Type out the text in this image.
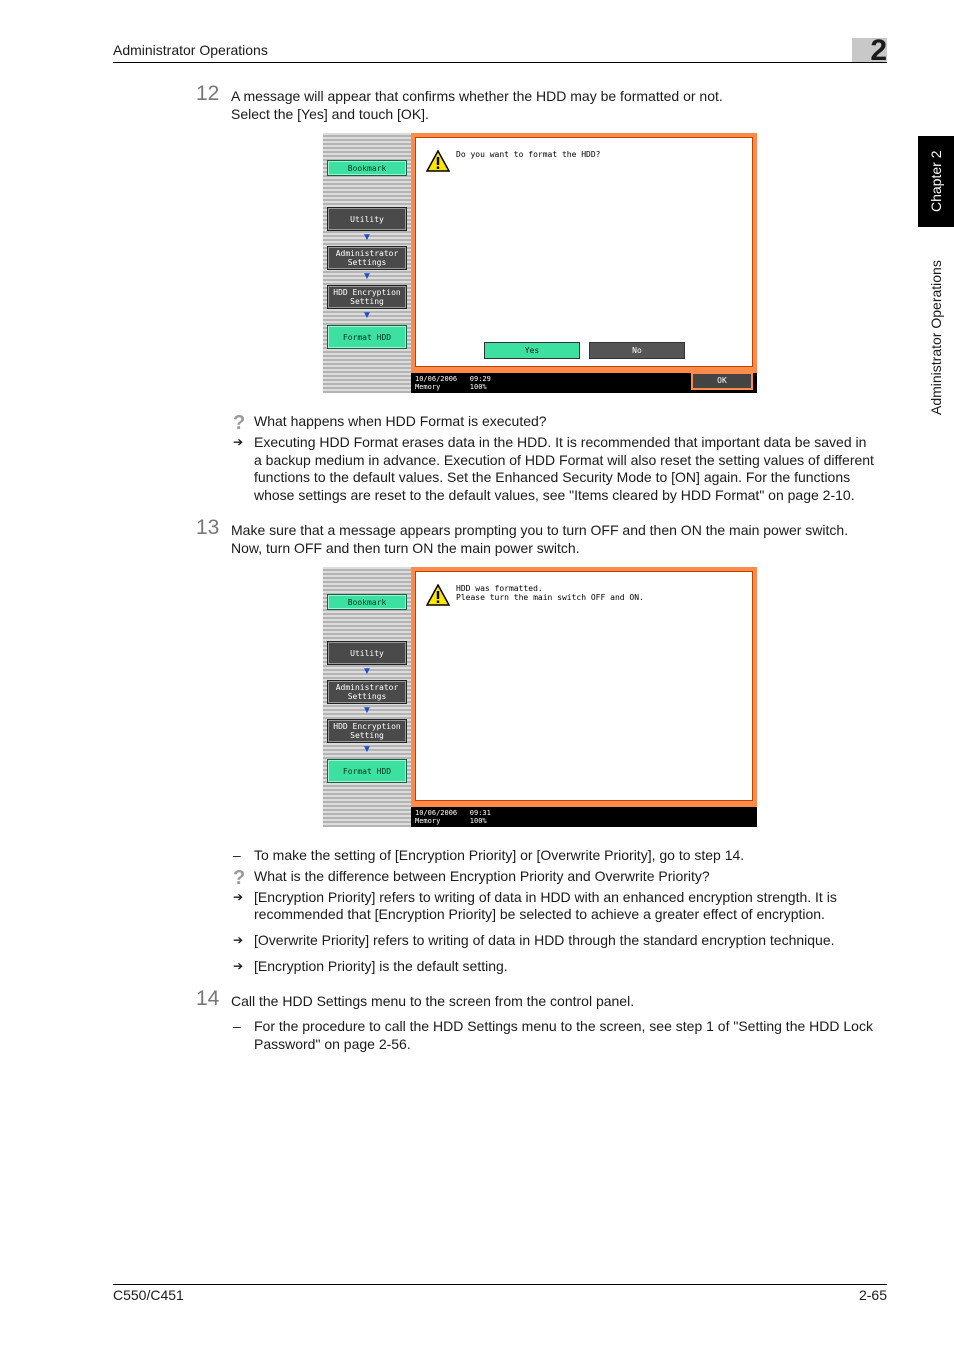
Administrator Operations	2
Chapter 2
Administrator Operations
12 A message will appear that confirms whether the HDD may be formatted or not.
Select the [Yes] and touch [OK].
Bookmark
Utility
▼
Administrator
Settings
▼
HDD Encryption
Setting
▼
Format HDD
Do you want to format the HDD?
Yes	No
10/06/2006   09:29
Memory       100%
OK
? What happens when HDD Format is executed?
➔ Executing HDD Format erases data in the HDD. It is recommended that important data be saved in
a backup medium in advance. Execution of HDD Format will also reset the setting values of different
functions to the default values. Set the Enhanced Security Mode to [ON] again. For the functions
whose settings are reset to the default values, see "Items cleared by HDD Format" on page 2-10.
13 Make sure that a message appears prompting you to turn OFF and then ON the main power switch.
Now, turn OFF and then turn ON the main power switch.
Bookmark
Utility
▼
Administrator
Settings
▼
HDD Encryption
Setting
▼
Format HDD
HDD was formatted.
Please turn the main switch OFF and ON.
10/06/2006   09:31
Memory       100%
– To make the setting of [Encryption Priority] or [Overwrite Priority], go to step 14.
? What is the difference between Encryption Priority and Overwrite Priority?
➔ [Encryption Priority] refers to writing of data in HDD with an enhanced encryption strength. It is
recommended that [Encryption Priority] be selected to achieve a greater effect of encryption.
➔ [Overwrite Priority] refers to writing of data in HDD through the standard encryption technique.
➔ [Encryption Priority] is the default setting.
14 Call the HDD Settings menu to the screen from the control panel.
– For the procedure to call the HDD Settings menu to the screen, see step 1 of "Setting the HDD Lock
Password" on page 2-56.
C550/C451	2-65
